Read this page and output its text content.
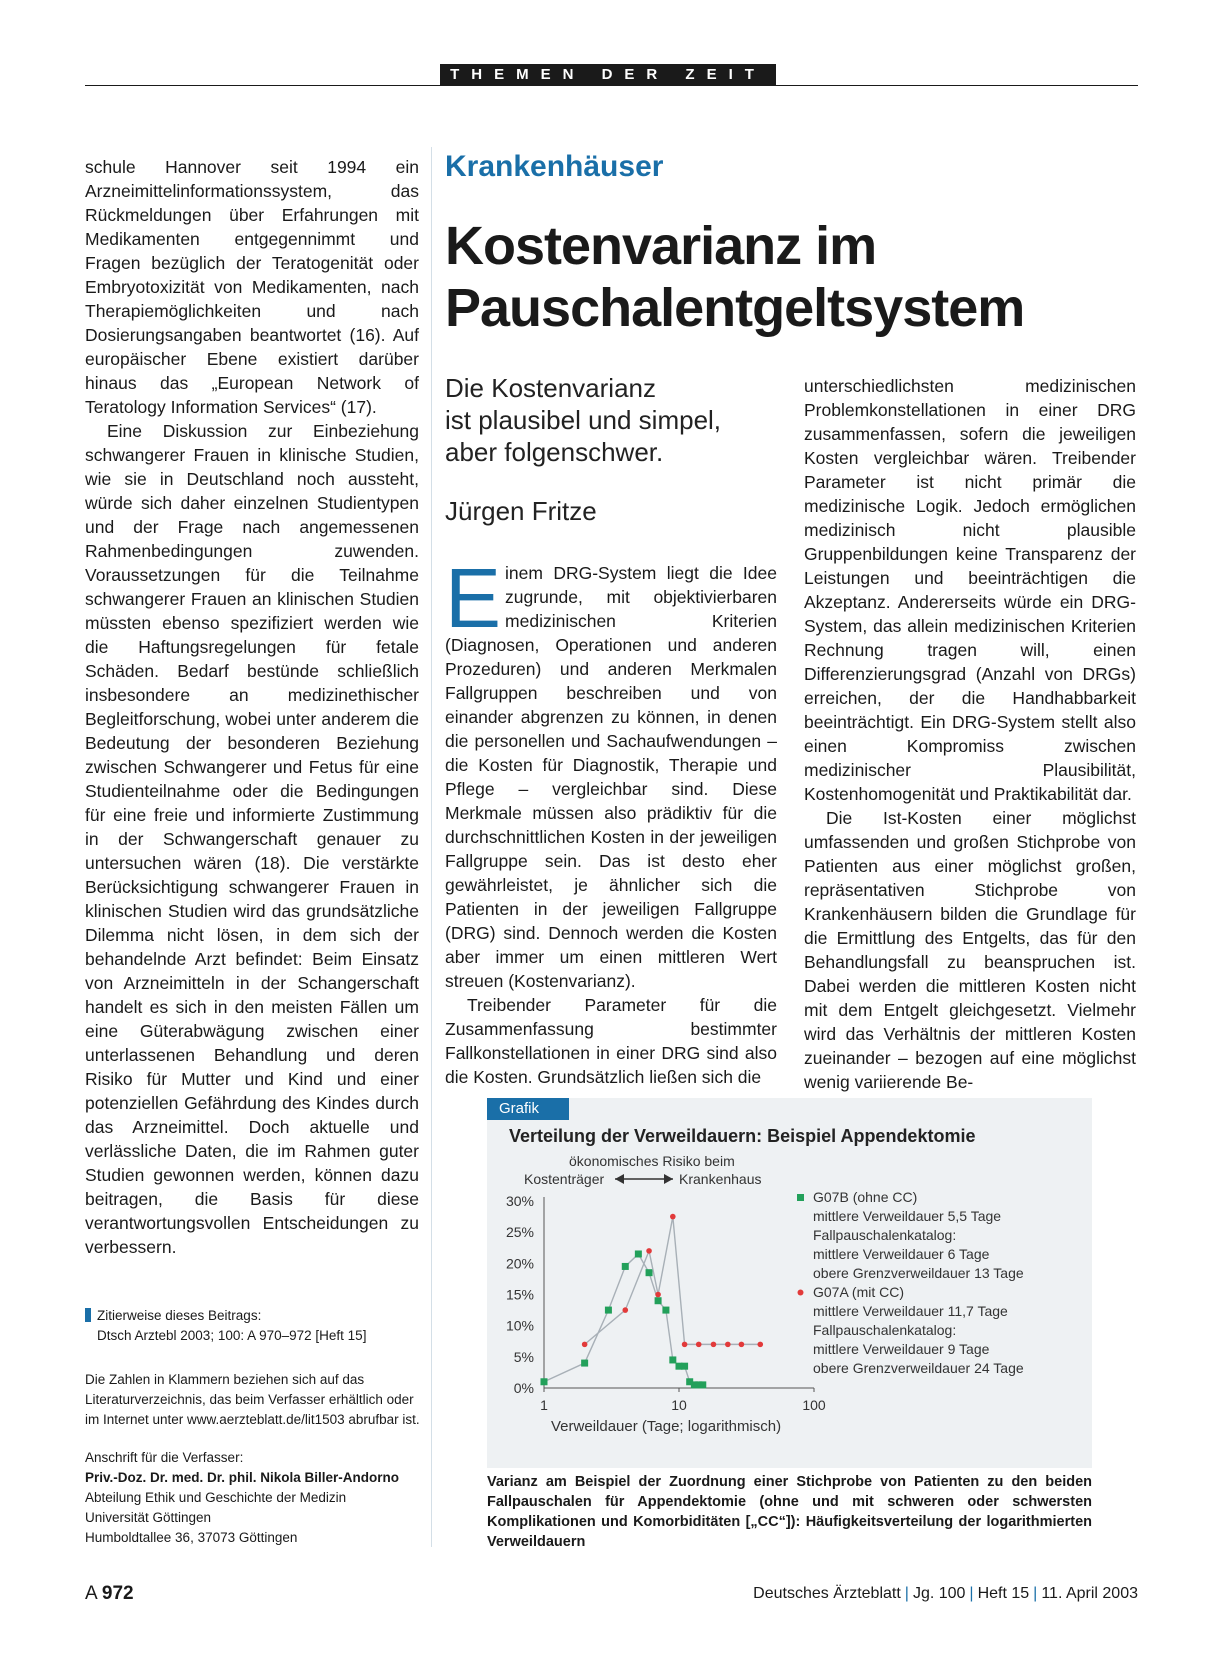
THEMEN DER ZEIT

schule Hannover seit 1994 ein Arzneimittelinformationssystem, das Rückmeldungen über Erfahrungen mit Medikamenten entgegennimmt und Fragen bezüglich der Teratogenität oder Embryotoxizität von Medikamenten, nach Therapiemöglichkeiten und nach Dosierungsangaben beantwortet (16). Auf europäischer Ebene existiert darüber hinaus das „European Network of Teratology Information Services“ (17).

Eine Diskussion zur Einbeziehung schwangerer Frauen in klinische Studien, wie sie in Deutschland noch aussteht, würde sich daher einzelnen Studientypen und der Frage nach angemessenen Rahmenbedingungen zuwenden. Voraussetzungen für die Teilnahme schwangerer Frauen an klinischen Studien müssten ebenso spezifiziert werden wie die Haftungsregelungen für fetale Schäden. Bedarf bestünde schließlich insbesondere an medizinethischer Begleitforschung, wobei unter anderem die Bedeutung der besonderen Beziehung zwischen Schwangerer und Fetus für eine Studienteilnahme oder die Bedingungen für eine freie und informierte Zustimmung in der Schwangerschaft genauer zu untersuchen wären (18). Die verstärkte Berücksichtigung schwangerer Frauen in klinischen Studien wird das grundsätzliche Dilemma nicht lösen, in dem sich der behandelnde Arzt befindet: Beim Einsatz von Arzneimitteln in der Schangerschaft handelt es sich in den meisten Fällen um eine Güterabwägung zwischen einer unterlassenen Behandlung und deren Risiko für Mutter und Kind und einer potenziellen Gefährdung des Kindes durch das Arzneimittel. Doch aktuelle und verlässliche Daten, die im Rahmen guter Studien gewonnen werden, können dazu beitragen, die Basis für diese verantwortungsvollen Entscheidungen zu verbessern.

Zitierweise dieses Beitrags:
Dtsch Arztebl 2003; 100: A 970–972 [Heft 15]
Die Zahlen in Klammern beziehen sich auf das Literaturverzeichnis, das beim Verfasser erhältlich oder im Internet unter www.aerzteblatt.de/lit1503 abrufbar ist.
Anschrift für die Verfasser:
Priv.-Doz. Dr. med. Dr. phil. Nikola Biller-Andorno
Abteilung Ethik und Geschichte der Medizin
Universität Göttingen
Humboldtallee 36, 37073 Göttingen
Krankenhäuser
Kostenvarianz im
Pauschalentgeltsystem
Die Kostenvarianz
ist plausibel und simpel,
aber folgenschwer.
Jürgen Fritze

Einem DRG-System liegt die Idee zugrunde, mit objektivierbaren medizinischen Kriterien (Diagnosen, Operationen und anderen Prozeduren) und anderen Merkmalen Fallgruppen beschreiben und von einander abgrenzen zu können, in denen die personellen und Sachaufwendungen – die Kosten für Diagnostik, Therapie und Pflege – vergleichbar sind. Diese Merkmale müssen also prädiktiv für die durchschnittlichen Kosten in der jeweiligen Fallgruppe sein. Das ist desto eher gewährleistet, je ähnlicher sich die Patienten in der jeweiligen Fallgruppe (DRG) sind. Dennoch werden die Kosten aber immer um einen mittleren Wert streuen (Kostenvarianz).

Treibender Parameter für die Zusammenfassung bestimmter Fallkonstellationen in einer DRG sind also die Kosten. Grundsätzlich ließen sich die

unterschiedlichsten medizinischen Problemkonstellationen in einer DRG zusammenfassen, sofern die jeweiligen Kosten vergleichbar wären. Treibender Parameter ist nicht primär die medizinische Logik. Jedoch ermöglichen medizinisch nicht plausible Gruppenbildungen keine Transparenz der Leistungen und beeinträchtigen die Akzeptanz. Andererseits würde ein DRG-System, das allein medizinischen Kriterien Rechnung tragen will, einen Differenzierungsgrad (Anzahl von DRGs) erreichen, der die Handhabbarkeit beeinträchtigt. Ein DRG-System stellt also einen Kompromiss zwischen medizinischer Plausibilität, Kostenhomogenität und Praktikabilität dar.

Die Ist-Kosten einer möglichst umfassenden und großen Stichprobe von Patienten aus einer möglichst großen, repräsentativen Stichprobe von Krankenhäusern bilden die Grundlage für die Ermittlung des Entgelts, das für den Behandlungsfall zu beanspruchen ist. Dabei werden die mittleren Kosten nicht mit dem Entgelt gleichgesetzt. Vielmehr wird das Verhältnis der mittleren Kosten zueinander – bezogen auf eine möglichst wenig variierende Be-

Verteilung der Verweildauern: Beispiel Appendektomie
ökonomisches Risiko beim
Kostenträger	Krankenhaus
0%
5%
10%
15%
20%
25%
30%
1	10	100
Verweildauer (Tage; logarithmisch)
G07B (ohne CC)
mittlere Verweildauer 5,5 Tage
Fallpauschalenkatalog:
mittlere Verweildauer 6 Tage
obere Grenzverweildauer 13 Tage
G07A (mit CC)
mittlere Verweildauer 11,7 Tage
Fallpauschalenkatalog:
mittlere Verweildauer 9 Tage
obere Grenzverweildauer 24 Tage
Grafik
Varianz am Beispiel der Zuordnung einer Stichprobe von Patienten zu den beiden Fallpauschalen für Appendektomie (ohne und mit schweren oder schwersten Komplikationen und Komorbiditäten [„CC“]): Häufigkeitsverteilung der logarithmierten Verweildauern
A 972	Deutsches Ärzteblatt | Jg. 100 | Heft 15 | 11. April 2003
